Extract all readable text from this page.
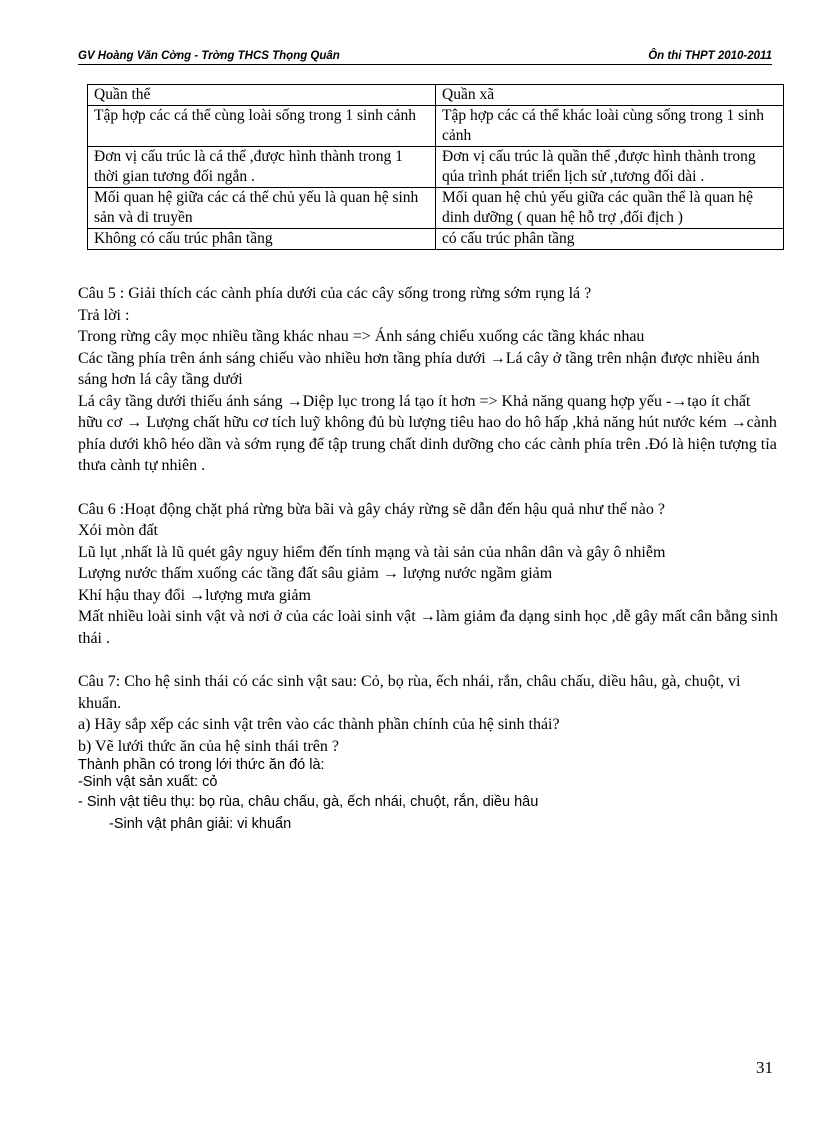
GV Hoàng Văn Cờng - Trờng THCS Thọng Quân	Ôn thi THPT 2010-2011
Quần thể	Quần xã
Tập hợp các cá thể cùng loài sống trong 1 sinh cảnh	Tập hợp các cá thể khác loài cùng sống trong 1 sinh cảnh
Đơn vị cấu trúc là cá thể ,được hình thành trong 1 thời gian tương đối ngắn .	Đơn vị cấu trúc là quần thể ,được hình thành trong qúa trình phát triển lịch sử ,tương đối dài .
Mối quan hệ giữa các cá thể chủ yếu là quan hệ sinh sản và di truyền	Mối quan hệ chủ yếu giữa các quần thể là quan hệ dinh dưỡng ( quan hệ hỗ trợ ,đối địch )
Không có cấu trúc phân tầng	có cấu trúc phân tầng

Câu 5 : Giải thích các cành phía dưới của các cây sống trong rừng sớm rụng lá ?

Trả lời :

Trong rừng cây mọc nhiều tầng khác nhau => Ánh sáng chiếu xuống các tầng khác nhau

Các tầng phía trên ánh sáng chiếu vào nhiều hơn tầng phía dưới →Lá cây ở tầng trên nhận được nhiều ánh sáng hơn lá cây tầng dưới

Lá cây tầng dưới thiếu ánh sáng →Diệp lục trong lá tạo ít hơn => Khả năng quang hợp yếu -→tạo ít chất hữu cơ → Lượng chất hữu cơ tích luỹ không đủ bù lượng tiêu hao do hô hấp ,khả năng hút nước kém →cành phía dưới khô héo dần và sớm rụng để tập trung chất dinh dưỡng cho các cành phía trên .Đó là hiện tượng tỉa thưa cành tự nhiên .

Câu 6 :Hoạt động chặt phá rừng bừa bãi và gây cháy rừng sẽ dẫn đến hậu quả như thế nào ?

Xói mòn đất

Lũ lụt ,nhất là lũ quét gây nguy hiểm đến tính mạng và tài sản của nhân dân và gây ô nhiễm

Lượng nước thấm xuống các tầng đất sâu giảm → lượng nước ngầm giảm

Khí hậu thay đổi →lượng mưa giảm

Mất nhiều loài sinh vật và nơi ở của các loài sinh vật →làm giảm đa dạng sinh học ,dễ gây mất cân bằng sinh thái .

Câu 7: Cho hệ sinh thái có các sinh vật sau: Cỏ, bọ rùa, ếch nhái, rắn, châu chấu, diều hâu, gà, chuột, vi khuẩn.

a) Hãy sắp xếp các sinh vật trên vào các thành phần chính của hệ sinh thái?

b) Vẽ lưới thức ăn của hệ sinh thái trên ?

Thành phần có trong lới thức ăn đó là:

-Sinh vật sản xuất: cỏ

- Sinh vật tiêu thụ: bọ rùa, châu chấu, gà, ếch nhái, chuột, rắn, diều hâu

-Sinh vật phân giải: vi khuẩn

31
